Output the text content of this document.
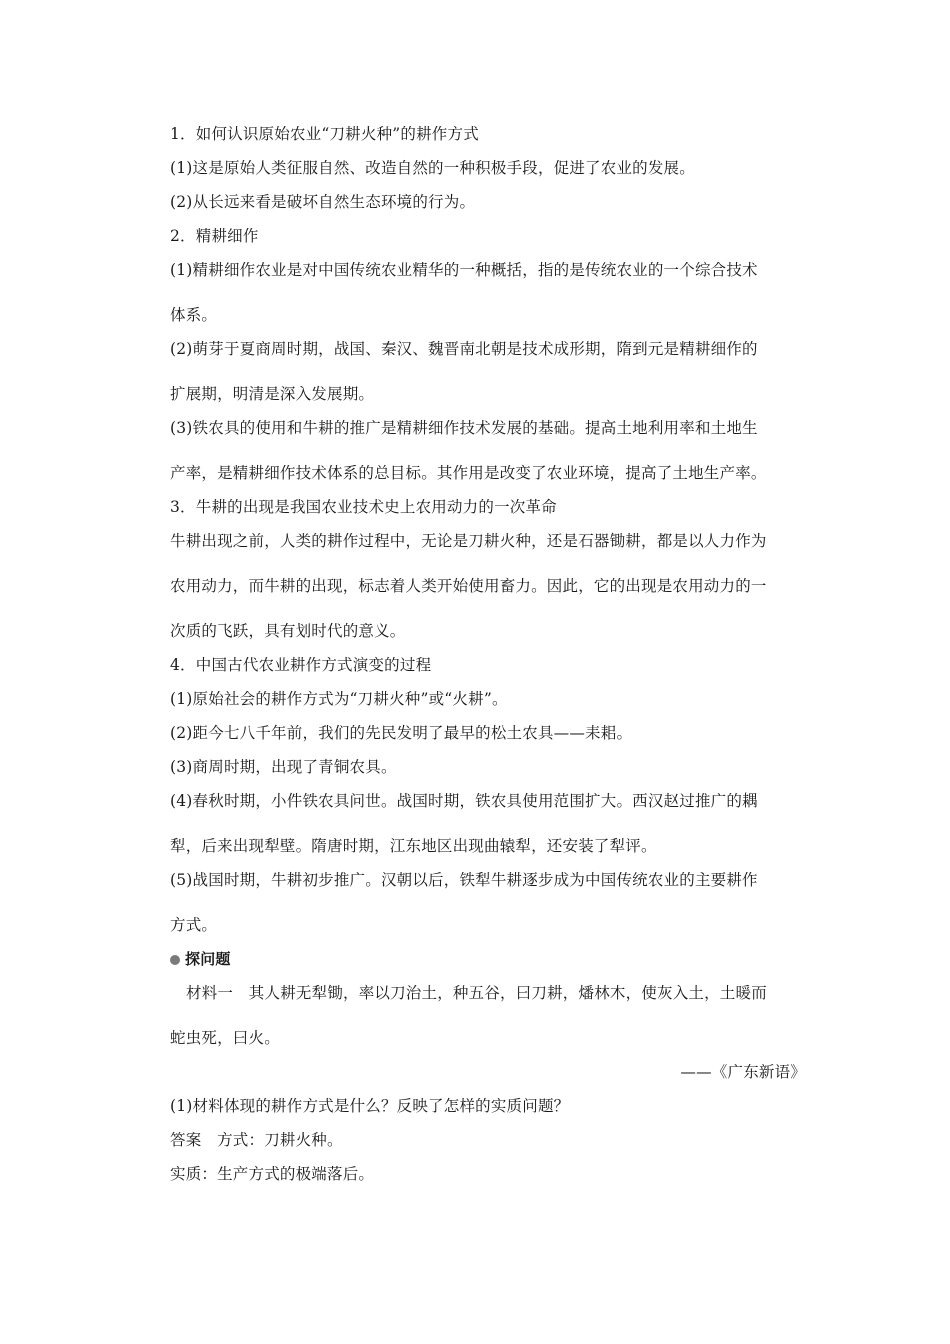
1．如何认识原始农业“刀耕火种”的耕作方式

(1)这是原始人类征服自然、改造自然的一种积极手段，促进了农业的发展。

(2)从长远来看是破坏自然生态环境的行为。

2．精耕细作

(1)精耕细作农业是对中国传统农业精华的一种概括，指的是传统农业的一个综合技术

体系。

(2)萌芽于夏商周时期，战国、秦汉、魏晋南北朝是技术成形期，隋到元是精耕细作的

扩展期，明清是深入发展期。

(3)铁农具的使用和牛耕的推广是精耕细作技术发展的基础。提高土地利用率和土地生

产率，是精耕细作技术体系的总目标。其作用是改变了农业环境，提高了土地生产率。

3．牛耕的出现是我国农业技术史上农用动力的一次革命

牛耕出现之前，人类的耕作过程中，无论是刀耕火种，还是石器锄耕，都是以人力作为

农用动力，而牛耕的出现，标志着人类开始使用畜力。因此，它的出现是农用动力的一

次质的飞跃，具有划时代的意义。

4．中国古代农业耕作方式演变的过程

(1)原始社会的耕作方式为“刀耕火种”或“火耕”。

(2)距今七八千年前，我们的先民发明了最早的松土农具——耒耜。

(3)商周时期，出现了青铜农具。

(4)春秋时期，小件铁农具问世。战国时期，铁农具使用范围扩大。西汉赵过推广的耦

犁，后来出现犁壁。隋唐时期，江东地区出现曲辕犁，还安装了犁评。

(5)战国时期，牛耕初步推广。汉朝以后，铁犁牛耕逐步成为中国传统农业的主要耕作

方式。

探问题

材料一　其人耕无犁锄，率以刀治土，种五谷，曰刀耕，燔林木，使灰入土，土暖而

蛇虫死，曰火。

——《广东新语》

(1)材料体现的耕作方式是什么？反映了怎样的实质问题？

答案　方式：刀耕火种。

实质：生产方式的极端落后。
